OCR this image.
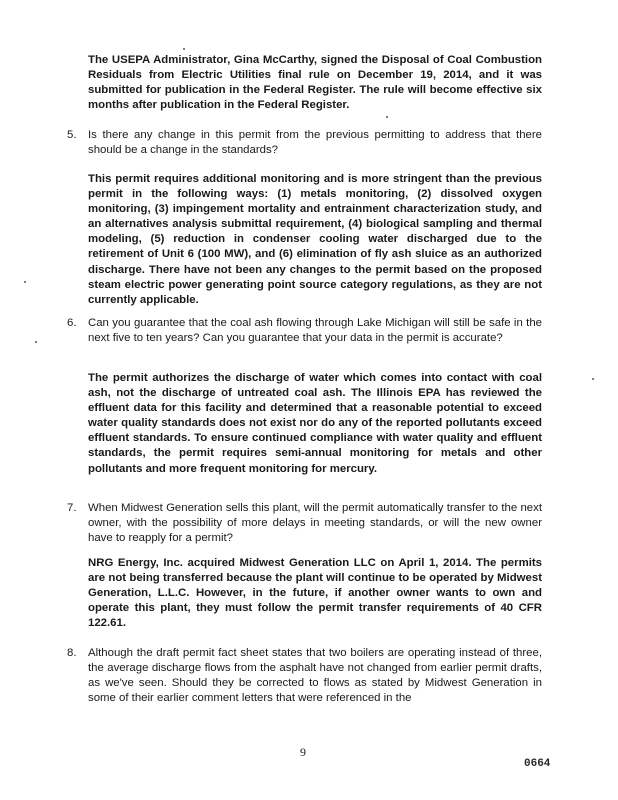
The USEPA Administrator, Gina McCarthy, signed the Disposal of Coal Combustion Residuals from Electric Utilities final rule on December 19, 2014, and it was submitted for publication in the Federal Register. The rule will become effective six months after publication in the Federal Register.

5. Is there any change in this permit from the previous permitting to address that there should be a change in the standards?

This permit requires additional monitoring and is more stringent than the previous permit in the following ways: (1) metals monitoring, (2) dissolved oxygen monitoring, (3) impingement mortality and entrainment characterization study, and an alternatives analysis submittal requirement, (4) biological sampling and thermal modeling, (5) reduction in condenser cooling water discharged due to the retirement of Unit 6 (100 MW), and (6) elimination of fly ash sluice as an authorized discharge. There have not been any changes to the permit based on the proposed steam electric power generating point source category regulations, as they are not currently applicable.

6. Can you guarantee that the coal ash flowing through Lake Michigan will still be safe in the next five to ten years? Can you guarantee that your data in the permit is accurate?

The permit authorizes the discharge of water which comes into contact with coal ash, not the discharge of untreated coal ash. The Illinois EPA has reviewed the effluent data for this facility and determined that a reasonable potential to exceed water quality standards does not exist nor do any of the reported pollutants exceed effluent standards. To ensure continued compliance with water quality and effluent standards, the permit requires semi-annual monitoring for metals and other pollutants and more frequent monitoring for mercury.

7. When Midwest Generation sells this plant, will the permit automatically transfer to the next owner, with the possibility of more delays in meeting standards, or will the new owner have to reapply for a permit?

NRG Energy, Inc. acquired Midwest Generation LLC on April 1, 2014. The permits are not being transferred because the plant will continue to be operated by Midwest Generation, L.L.C. However, in the future, if another owner wants to own and operate this plant, they must follow the permit transfer requirements of 40 CFR 122.61.

8. Although the draft permit fact sheet states that two boilers are operating instead of three, the average discharge flows from the asphalt have not changed from earlier permit drafts, as we've seen. Should they be corrected to flows as stated by Midwest Generation in some of their earlier comment letters that were referenced in the

9
0664
